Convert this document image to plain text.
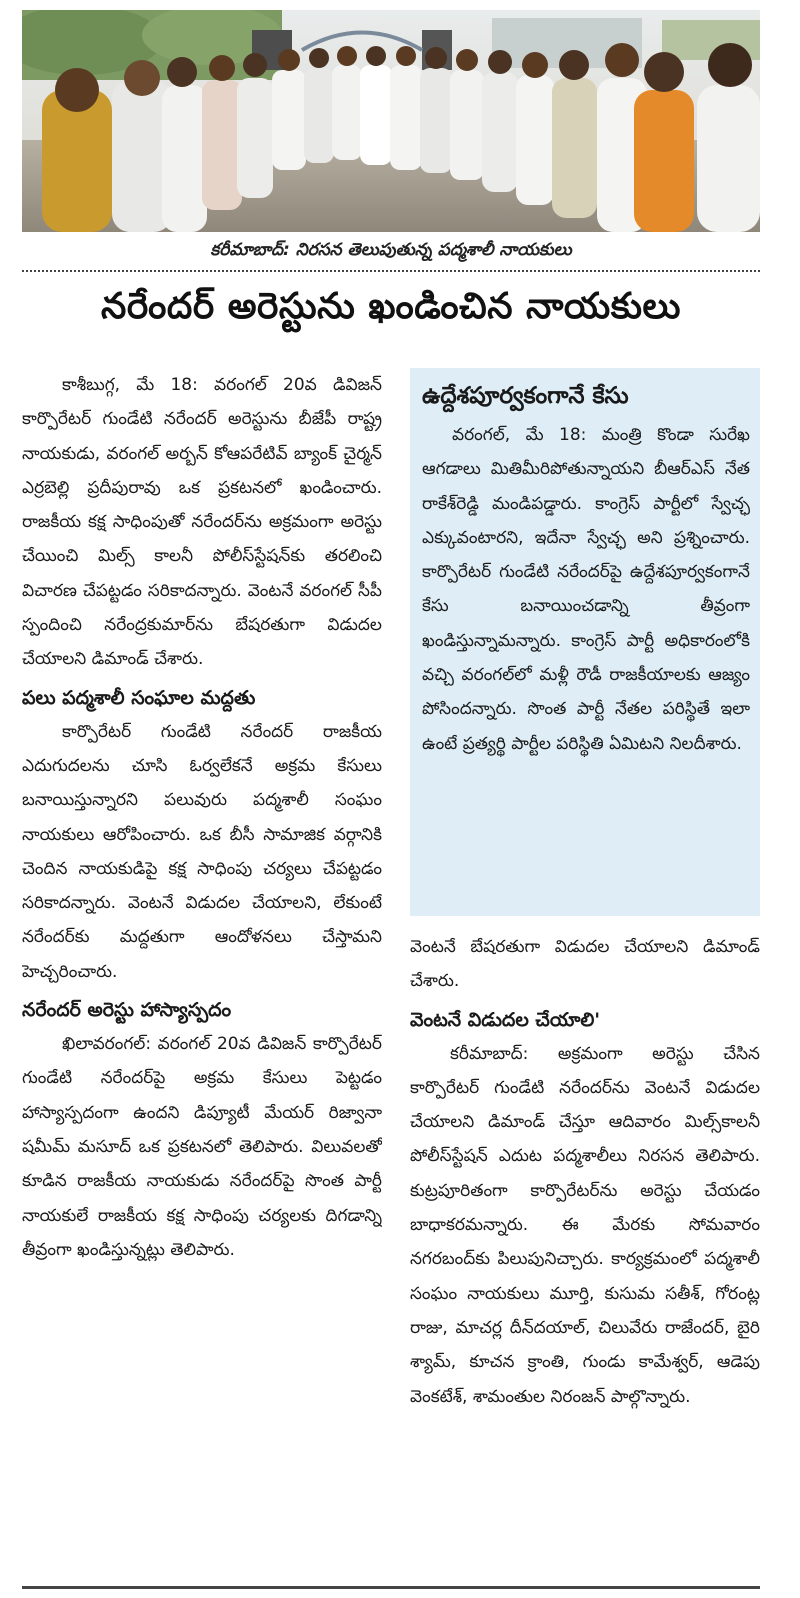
కరీమాబాద్: నిరసన తెలుపుతున్న పద్మశాలీ నాయకులు
నరేందర్ అరెస్టును ఖండించిన నాయకులు

కాశీబుగ్గ, మే 18: వరంగల్ 20వ డివిజన్ కార్పొరేటర్ గుండేటి నరేందర్ అరెస్టును బీజేపీ రాష్ట్ర నాయకుడు, వరంగల్ అర్బన్ కోఆపరేటివ్ బ్యాంక్ చైర్మన్ ఎర్రబెల్లి ప్రదీపురావు ఒక ప్రకటనలో ఖండించారు. రాజకీయ కక్ష సాధింపుతో నరేందర్‌ను అక్రమంగా అరెస్టు చేయించి మిల్స్ కాలనీ పోలీస్‌స్టేషన్‌కు తరలించి విచారణ చేపట్టడం సరికాదన్నారు. వెంటనే వరంగల్ సీపీ స్పందించి నరేంద్రకుమార్‌ను బేషరతుగా విడుదల చేయాలని డిమాండ్ చేశారు.

పలు పద్మశాలీ సంఘాల మద్దతు

కార్పొరేటర్ గుండేటి నరేందర్ రాజకీయ ఎదుగుదలను చూసి ఓర్వలేకనే అక్రమ కేసులు బనాయిస్తున్నారని పలువురు పద్మశాలీ సంఘం నాయకులు ఆరోపించారు. ఒక బీసీ సామాజిక వర్గానికి చెందిన నాయకుడిపై కక్ష సాధింపు చర్యలు చేపట్టడం సరికాదన్నారు. వెంటనే విడుదల చేయాలని, లేకుంటే నరేందర్‌కు మద్దతుగా ఆందోళనలు చేస్తామని హెచ్చరించారు.

నరేందర్ అరెస్టు హాస్యాస్పదం

ఖిలావరంగల్: వరంగల్ 20వ డివిజన్ కార్పొరేటర్ గుండేటి నరేందర్‌పై అక్రమ కేసులు పెట్టడం హాస్యాస్పదంగా ఉందని డిప్యూటీ మేయర్ రిజ్వానా షమీమ్ మసూద్ ఒక ప్రకటనలో తెలిపారు. విలువలతో కూడిన రాజకీయ నాయకుడు నరేందర్‌పై సొంత పార్టీ నాయకులే రాజకీయ కక్ష సాధింపు చర్యలకు దిగడాన్ని తీవ్రంగా ఖండిస్తున్నట్లు తెలిపారు.

ఉద్దేశపూర్వకంగానే కేసు

వరంగల్, మే 18: మంత్రి కొండా సురేఖ ఆగడాలు మితిమీరిపోతున్నాయని బీఆర్ఎస్ నేత రాకేశ్‌రెడ్డి మండిపడ్డారు. కాంగ్రెస్ పార్టీలో స్వేచ్ఛ ఎక్కువంటారని, ఇదేనా స్వేచ్ఛ అని ప్రశ్నించారు. కార్పొరేటర్ గుండేటి నరేందర్‌పై ఉద్దేశపూర్వకంగానే కేసు బనాయించడాన్ని తీవ్రంగా ఖండిస్తున్నామన్నారు. కాంగ్రెస్ పార్టీ అధికారంలోకి వచ్చి వరంగల్‌లో మళ్లీ రౌడీ రాజకీయాలకు ఆజ్యం పోసిందన్నారు. సొంత పార్టీ నేతల పరిస్థితే ఇలా ఉంటే ప్రత్యర్థి పార్టీల పరిస్థితి ఏమిటని నిలదీశారు.

వెంటనే బేషరతుగా విడుదల చేయాలని డిమాండ్ చేశారు.

వెంటనే విడుదల చేయాలి'

కరీమాబాద్: అక్రమంగా అరెస్టు చేసిన కార్పొరేటర్ గుండేటి నరేందర్‌ను వెంటనే విడుదల చేయాలని డిమాండ్ చేస్తూ ఆదివారం మిల్స్‌కాలనీ పోలీస్‌స్టేషన్ ఎదుట పద్మశాలీలు నిరసన తెలిపారు. కుట్రపూరితంగా కార్పొరేటర్‌ను అరెస్టు చేయడం బాధాకరమన్నారు. ఈ మేరకు సోమవారం నగరబంద్‌కు పిలుపునిచ్చారు. కార్యక్రమంలో పద్మశాలీ సంఘం నాయకులు మూర్తి, కుసుమ సతీశ్, గోరంట్ల రాజు, మాచర్ల దీన్‌దయాల్, చిలువేరు రాజేందర్, బైరి శ్యామ్, కూచన క్రాంతి, గుండు కామేశ్వర్, ఆడెపు వెంకటేశ్, శామంతుల నిరంజన్ పాల్గొన్నారు.
